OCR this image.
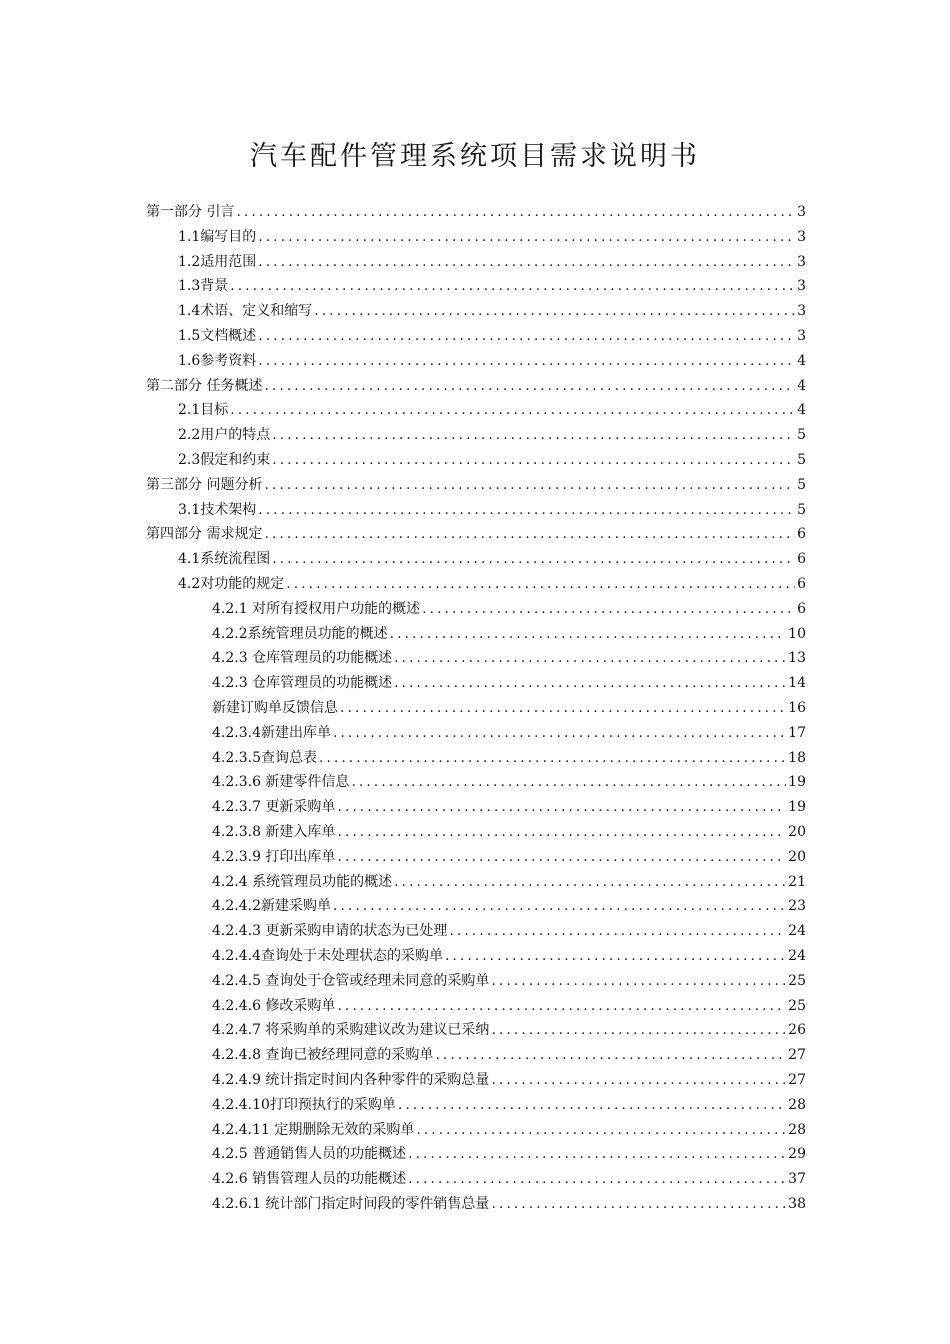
汽车配件管理系统项目需求说明书
第一部分 引言 .....	3
1.1编写目的 .....	3
1.2适用范围 .....	3
1.3背景 .....	3
1.4术语、定义和缩写 .....	3
1.5文档概述 .....	3
1.6参考资料 .....	4
第二部分 任务概述 .....	4
2.1目标 .....	4
2.2用户的特点 .....	5
2.3假定和约束 .....	5
第三部分 问题分析 .....	5
3.1技术架构 .....	5
第四部分 需求规定 .....	6
4.1系统流程图 .....	6
4.2对功能的规定 .....	6
4.2.1 对所有授权用户功能的概述 .....	6
4.2.2系统管理员功能的概述 .....	10
4.2.3 仓库管理员的功能概述 .....	13
4.2.3 仓库管理员的功能概述 .....	14
新建订购单反馈信息 .....	16
4.2.3.4新建出库单 .....	17
4.2.3.5查询总表 .....	18
4.2.3.6 新建零件信息 .....	19
4.2.3.7 更新采购单 .....	19
4.2.3.8 新建入库单 .....	20
4.2.3.9 打印出库单 .....	20
4.2.4 系统管理员功能的概述 .....	21
4.2.4.2新建采购单 .....	23
4.2.4.3 更新采购申请的状态为已处理 .....	24
4.2.4.4查询处于未处理状态的采购单 .....	24
4.2.4.5 查询处于仓管或经理未同意的采购单 .....	25
4.2.4.6 修改采购单 .....	25
4.2.4.7 将采购单的采购建议改为建议已采纳 .....	26
4.2.4.8 查询已被经理同意的采购单 .....	27
4.2.4.9 统计指定时间内各种零件的采购总量 .....	27
4.2.4.10打印预执行的采购单 .....	28
4.2.4.11 定期删除无效的采购单 .....	28
4.2.5 普通销售人员的功能概述 .....	29
4.2.6 销售管理人员的功能概述 .....	37
4.2.6.1 统计部门指定时间段的零件销售总量 .....	38
